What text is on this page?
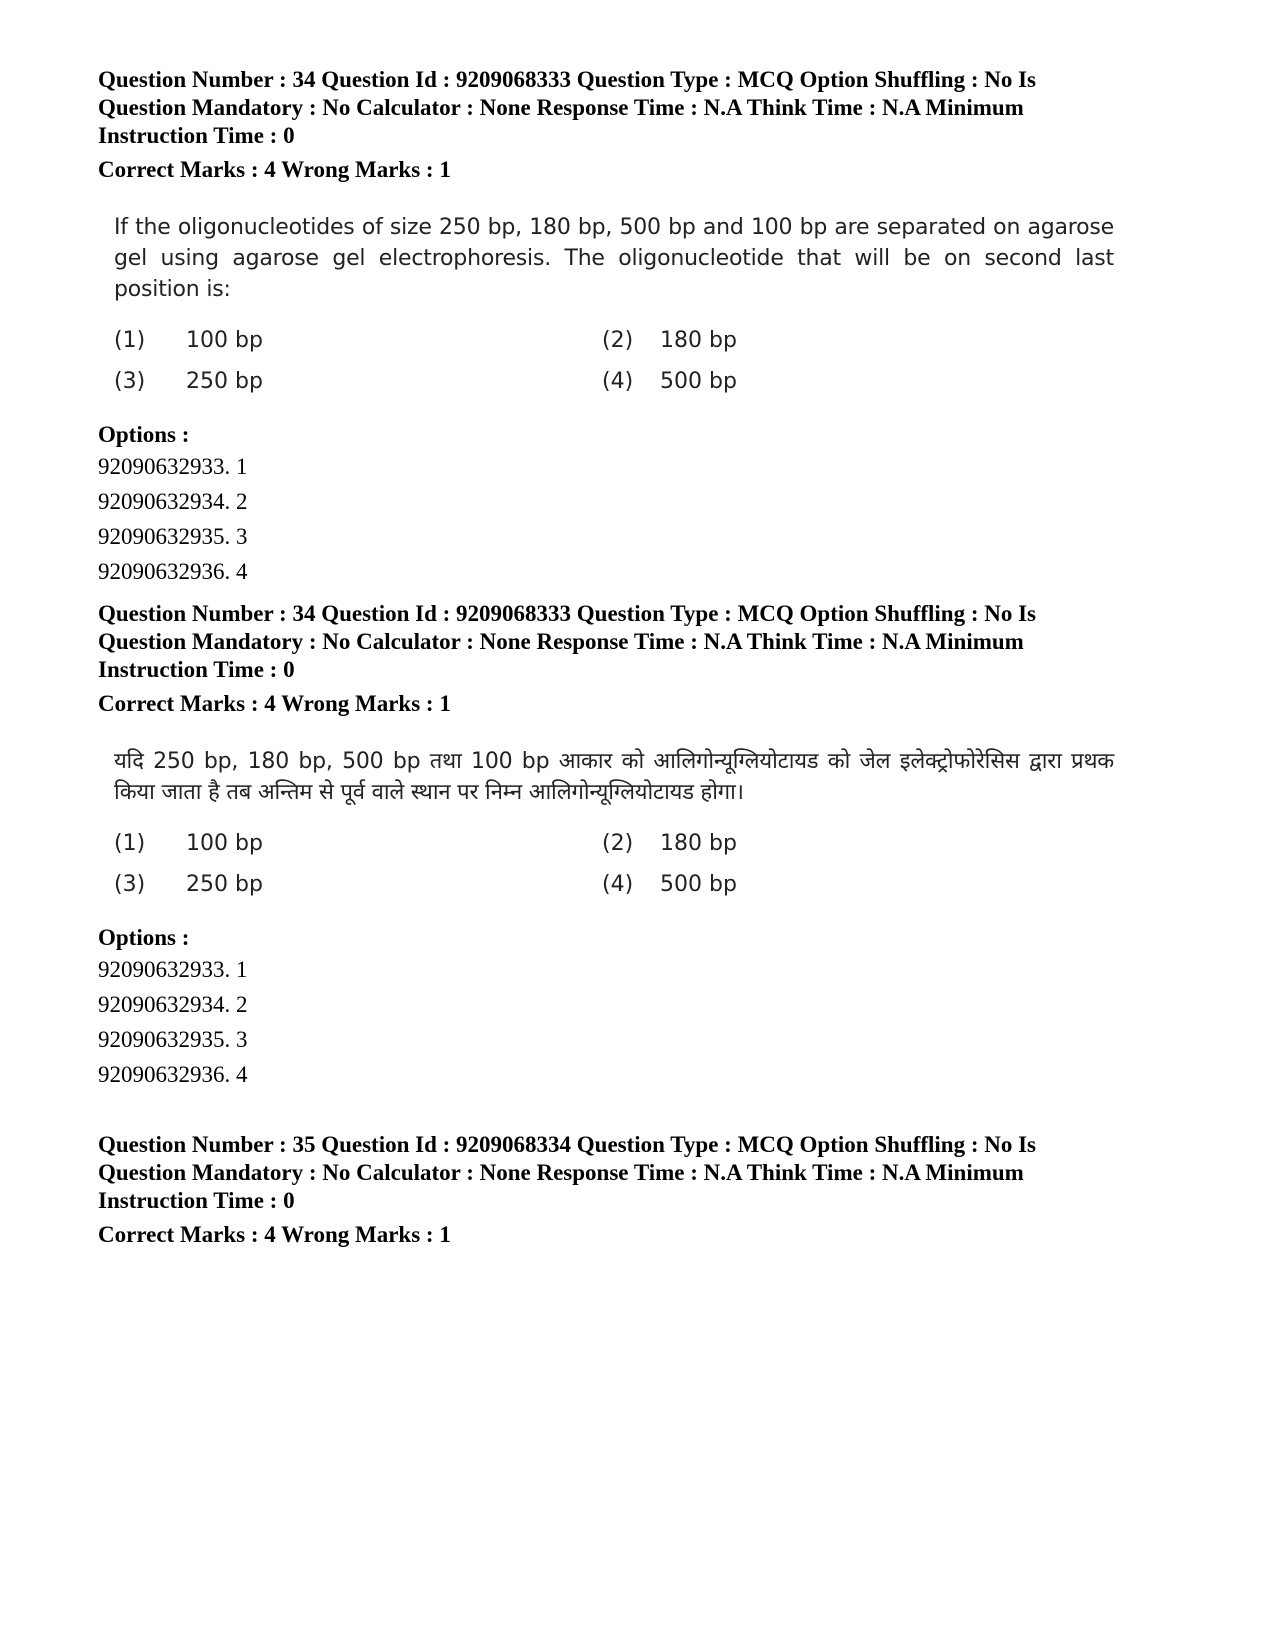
Question Number : 34 Question Id : 9209068333 Question Type : MCQ Option Shuffling : No Is
Question Mandatory : No Calculator : None Response Time : N.A Think Time : N.A Minimum
Instruction Time : 0
Correct Marks : 4 Wrong Marks : 1
If the oligonucleotides of size 250 bp, 180 bp, 500 bp and 100 bp are separated on agarose gel using agarose gel electrophoresis. The oligonucleotide that will be on second last position is:
(1)	100 bp	(2)	180 bp
(3)	250 bp	(4)	500 bp
Options :
92090632933. 1
92090632934. 2
92090632935. 3
92090632936. 4
Question Number : 34 Question Id : 9209068333 Question Type : MCQ Option Shuffling : No Is
Question Mandatory : No Calculator : None Response Time : N.A Think Time : N.A Minimum
Instruction Time : 0
Correct Marks : 4 Wrong Marks : 1
यदि 250 bp, 180 bp, 500 bp तथा 100 bp आकार को आलिगोन्यूग्लियोटायड को जेल इलेक्ट्रोफोरेसिस द्वारा प्रथक किया जाता है तब अन्तिम से पूर्व वाले स्थान पर निम्न आलिगोन्यूग्लियोटायड होगा।
(1)	100 bp	(2)	180 bp
(3)	250 bp	(4)	500 bp
Options :
92090632933. 1
92090632934. 2
92090632935. 3
92090632936. 4
Question Number : 35 Question Id : 9209068334 Question Type : MCQ Option Shuffling : No Is
Question Mandatory : No Calculator : None Response Time : N.A Think Time : N.A Minimum
Instruction Time : 0
Correct Marks : 4 Wrong Marks : 1
